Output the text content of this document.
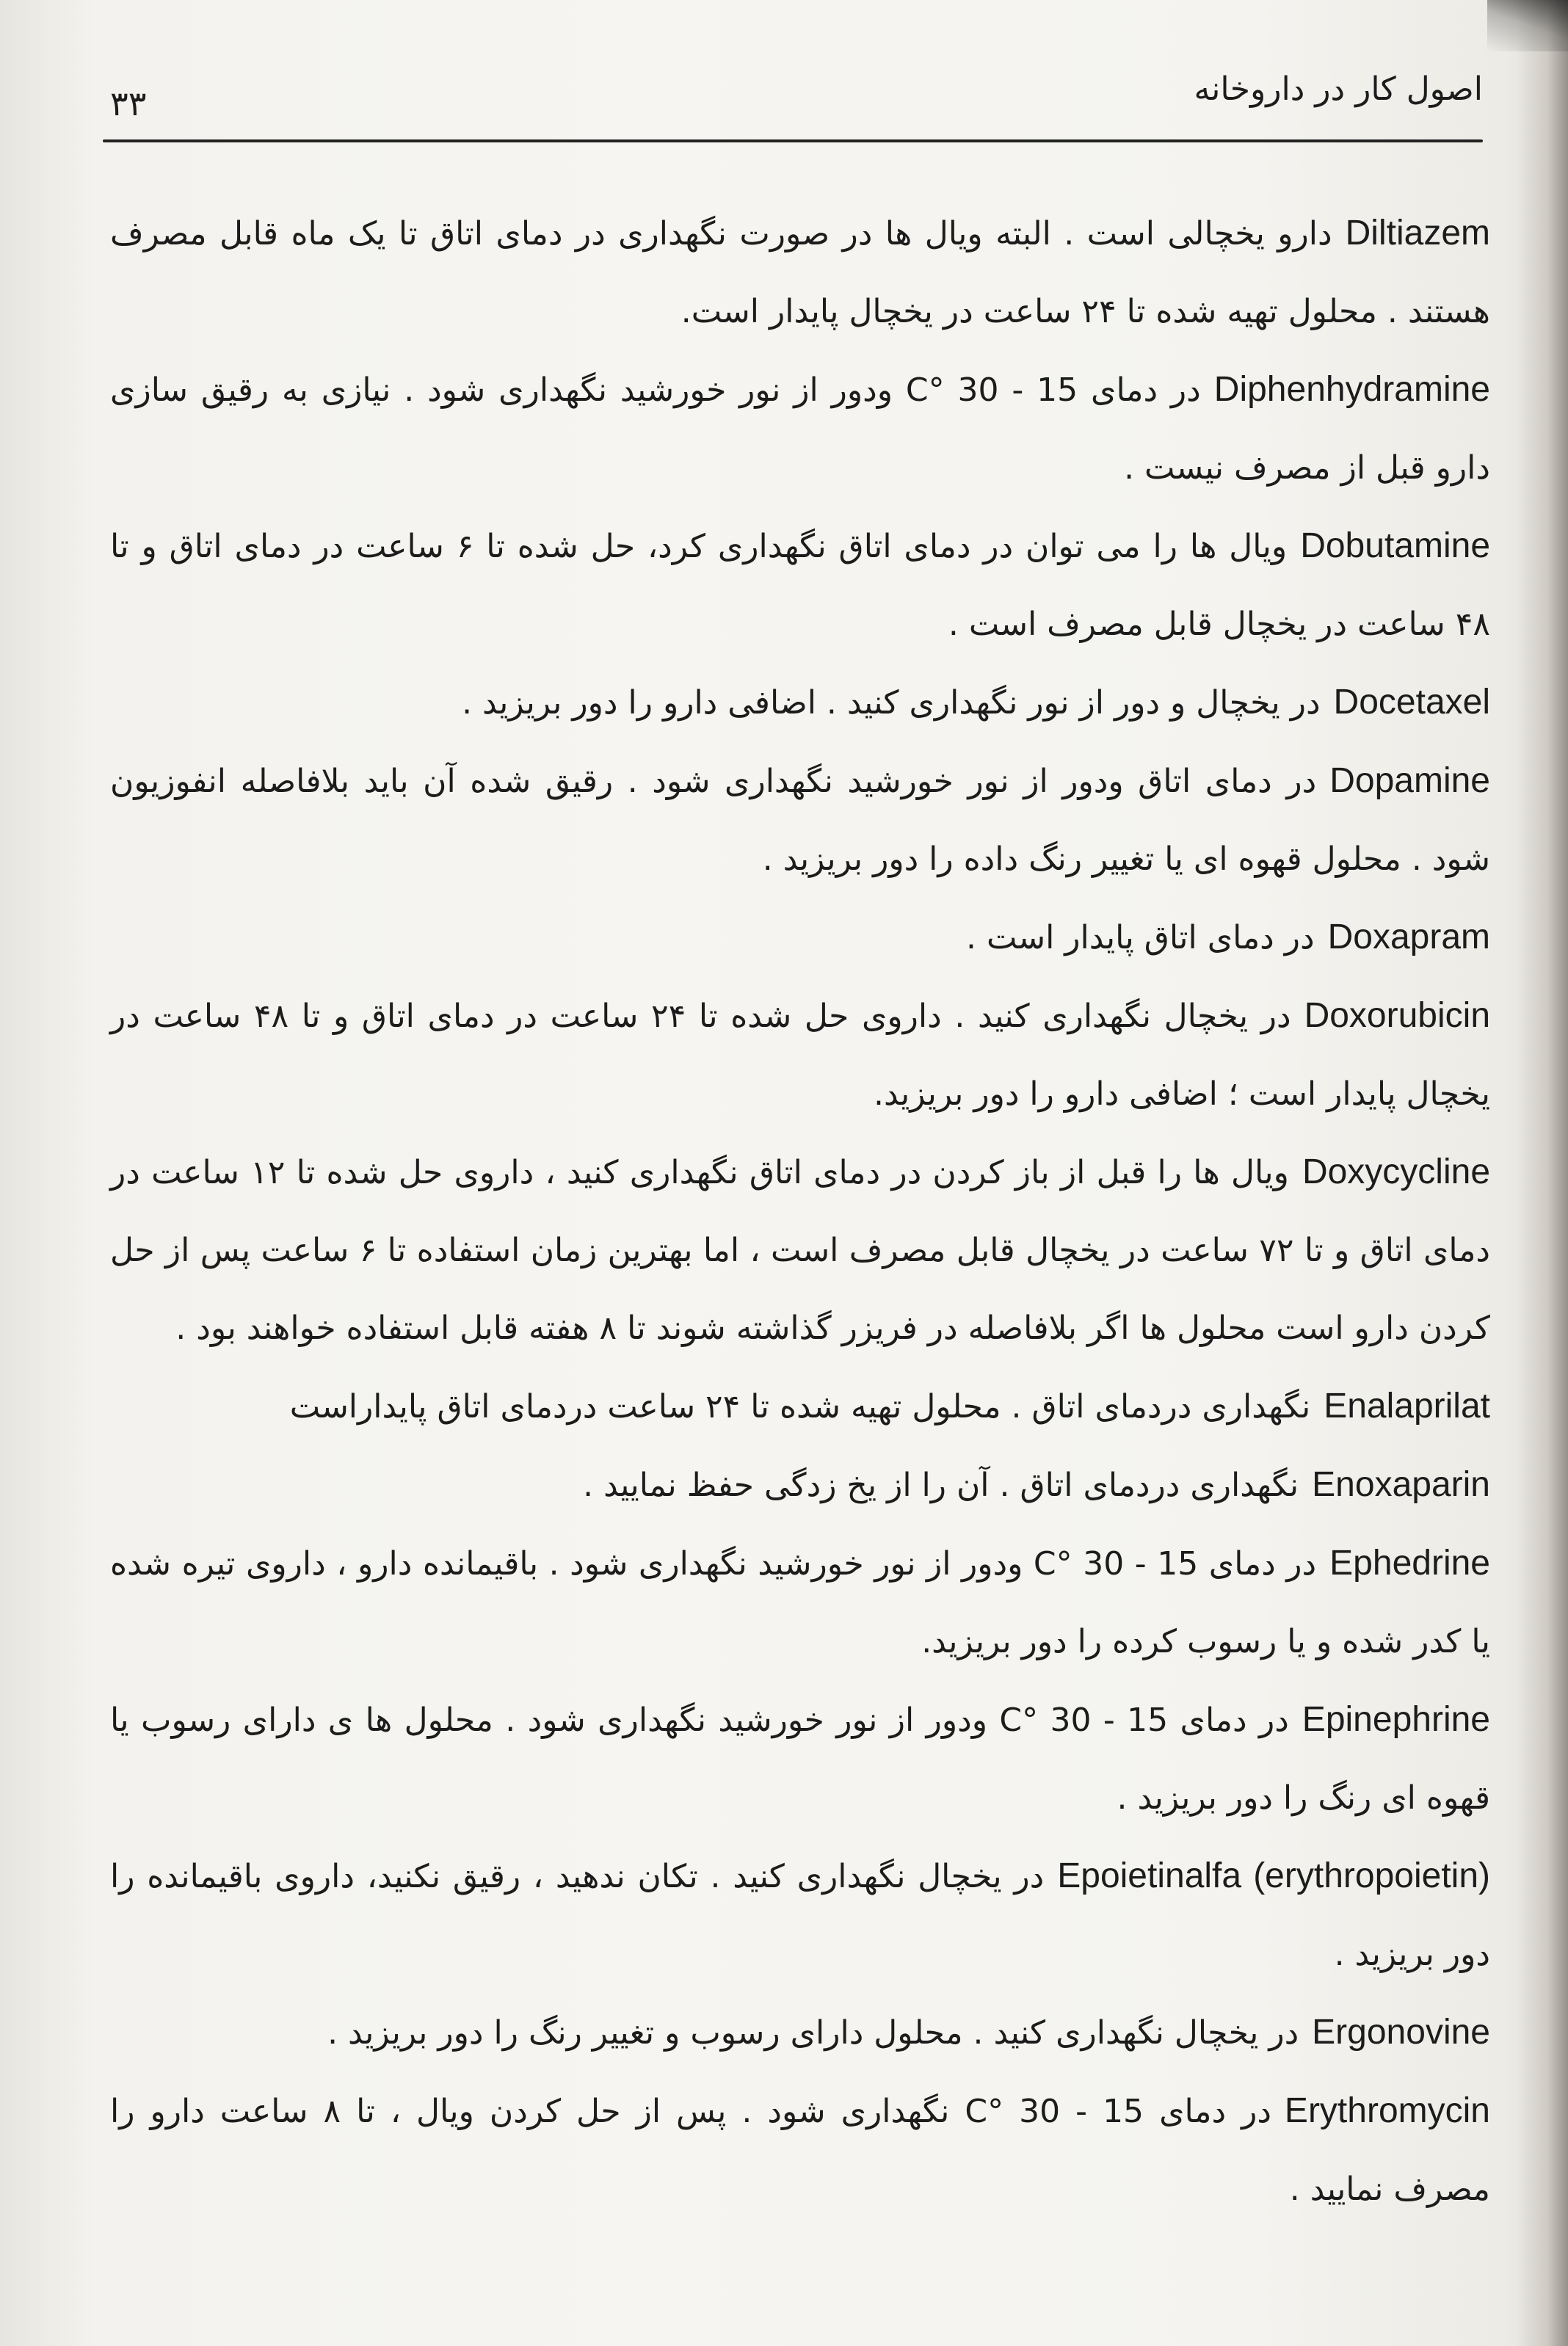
۳۳	اصول کار در داروخانه

Diltiazemدارو یخچالی است . البته ویال ها در صورت نگهداری در دمای اتاق تا یک ماه قابل مصرف هستند . محلول تهیه شده تا ۲۴ ساعت در یخچال پایدار است.

Diphenhydramineدر دمای 15 - 30 °C ودور از نور خورشید نگهداری شود . نیازی به رقیق سازی دارو قبل از مصرف نیست .

Dobutamineویال ها را می توان در دمای اتاق نگهداری کرد، حل شده تا ۶ ساعت در دمای اتاق و تا ۴۸ ساعت در یخچال قابل مصرف است .

Docetaxelدر یخچال و دور از نور نگهداری کنید . اضافی دارو را دور بریزید .

Dopamineدر دمای اتاق ودور از نور خورشید نگهداری شود . رقیق شده آن باید بلافاصله انفوزیون شود . محلول قهوه ای یا تغییر رنگ داده را دور بریزید .

Doxapramدر دمای اتاق پایدار است .

Doxorubicinدر یخچال نگهداری کنید . داروی حل شده تا ۲۴ ساعت در دمای اتاق و تا ۴۸ ساعت در یخچال پایدار است ؛ اضافی دارو را دور بریزید.

Doxycyclineویال ها را قبل از باز کردن در دمای اتاق نگهداری کنید ، داروی حل شده تا ۱۲ ساعت در دمای اتاق و تا ۷۲ ساعت در یخچال قابل مصرف است ، اما بهترین زمان استفاده تا ۶ ساعت پس از حل کردن دارو است محلول ها اگر بلافاصله در فریزر گذاشته شوند تا ۸ هفته قابل استفاده خواهند بود .

Enalaprilatنگهداری دردمای اتاق . محلول تهیه شده تا ۲۴ ساعت دردمای اتاق پایداراست

Enoxaparinنگهداری دردمای اتاق . آن را از یخ زدگی حفظ نمایید .

Ephedrineدر دمای 15 - 30 °C ودور از نور خورشید نگهداری شود . باقیمانده دارو ، داروی تیره شده یا کدر شده و یا رسوب کرده را دور بریزید.

Epinephrineدر دمای 15 - 30 °C ودور از نور خورشید نگهداری شود . محلول ها ی دارای رسوب یا قهوه ای رنگ را دور بریزید .

Epoietinalfa (erythropoietin)در یخچال نگهداری کنید . تکان ندهید ، رقیق نکنید، داروی باقیمانده را دور بریزید .

Ergonovineدر یخچال نگهداری کنید . محلول دارای رسوب و تغییر رنگ را دور بریزید .

Erythromycinدر دمای 15 - 30 °C نگهداری شود . پس از حل کردن ویال ، تا ۸ ساعت دارو را مصرف نمایید .
